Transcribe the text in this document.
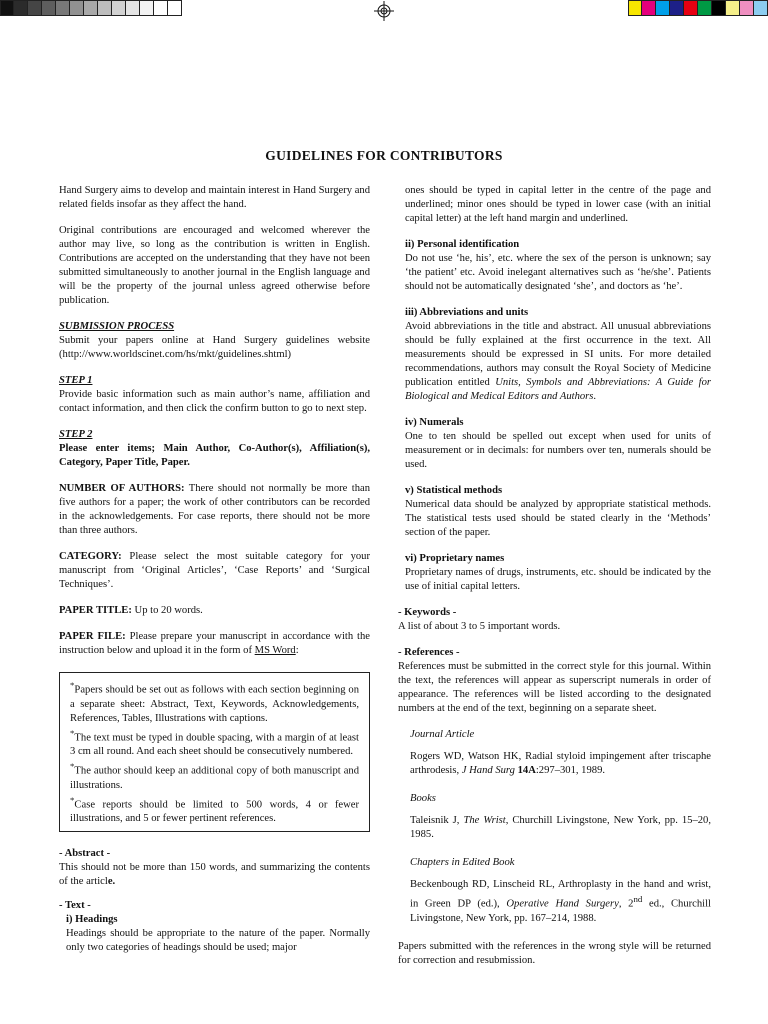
GUIDELINES FOR CONTRIBUTORS

Hand Surgery aims to develop and maintain interest in Hand Surgery and related fields insofar as they affect the hand.

Original contributions are encouraged and welcomed wherever the author may live, so long as the contribution is written in English. Contributions are accepted on the understanding that they have not been submitted simultaneously to another journal in the English language and will be the property of the journal unless agreed otherwise before publication.

SUBMISSION PROCESS
Submit your papers online at Hand Surgery guidelines website (http://www.worldscinet.com/hs/mkt/guidelines.shtml)

STEP 1
Provide basic information such as main author’s name, affiliation and contact information, and then click the confirm button to go to next step.

STEP 2
Please enter items; Main Author, Co-Author(s), Affiliation(s), Category, Paper Title, Paper.

NUMBER OF AUTHORS: There should not normally be more than five authors for a paper; the work of other contributors can be recorded in the acknowledgements. For case reports, there should not be more than three authors.

CATEGORY: Please select the most suitable category for your manuscript from ‘Original Articles’, ‘Case Reports’ and ‘Surgical Techniques’.

PAPER TITLE: Up to 20 words.

PAPER FILE: Please prepare your manuscript in accordance with the instruction below and upload it in the form of MS Word:

*Papers should be set out as follows with each section beginning on a separate sheet: Abstract, Text, Keywords, Acknowledgements, References, Tables, Illustrations with captions.
*The text must be typed in double spacing, with a margin of at least 3 cm all round. And each sheet should be consecutively numbered.
*The author should keep an additional copy of both manuscript and illustrations.
*Case reports should be limited to 500 words, 4 or fewer illustrations, and 5 or fewer pertinent references.

- Abstract -
This should not be more than 150 words, and summarizing the contents of the article.

- Text -
i) Headings

Headings should be appropriate to the nature of the paper. Normally only two categories of headings should be used; major

ones should be typed in capital letter in the centre of the page and underlined; minor ones should be typed in lower case (with an initial capital letter) at the left hand margin and underlined.

ii) Personal identification
Do not use ‘he, his’, etc. where the sex of the person is unknown; say ‘the patient’ etc. Avoid inelegant alternatives such as ‘he/she’. Patients should not be automatically designated ‘she’, and doctors as ‘he’.

iii) Abbreviations and units
Avoid abbreviations in the title and abstract. All unusual abbreviations should be fully explained at the first occurrence in the text. All measurements should be expressed in SI units. For more detailed recommendations, authors may consult the Royal Society of Medicine publication entitled Units, Symbols and Abbreviations: A Guide for Biological and Medical Editors and Authors.

iv) Numerals
One to ten should be spelled out except when used for units of measurement or in decimals: for numbers over ten, numerals should be used.

v) Statistical methods
Numerical data should be analyzed by appropriate statistical methods. The statistical tests used should be stated clearly in the ‘Methods’ section of the paper.

vi) Proprietary names
Proprietary names of drugs, instruments, etc. should be indicated by the use of initial capital letters.

- Keywords -
A list of about 3 to 5 important words.

- References -
References must be submitted in the correct style for this journal. Within the text, the references will appear as superscript numerals in order of appearance. The references will be listed according to the designated numbers at the end of the text, beginning on a separate sheet.

Journal Article
Rogers WD, Watson HK, Radial styloid impingement after triscaphe arthrodesis, J Hand Surg 14A:297–301, 1989.
Books
Taleisnik J, The Wrist, Churchill Livingstone, New York, pp. 15–20, 1985.
Chapters in Edited Book
Beckenbough RD, Linscheid RL, Arthroplasty in the hand and wrist, in Green DP (ed.), Operative Hand Surgery, 2nd ed., Churchill Livingstone, New York, pp. 167–214, 1988.

Papers submitted with the references in the wrong style will be returned for correction and resubmission.
